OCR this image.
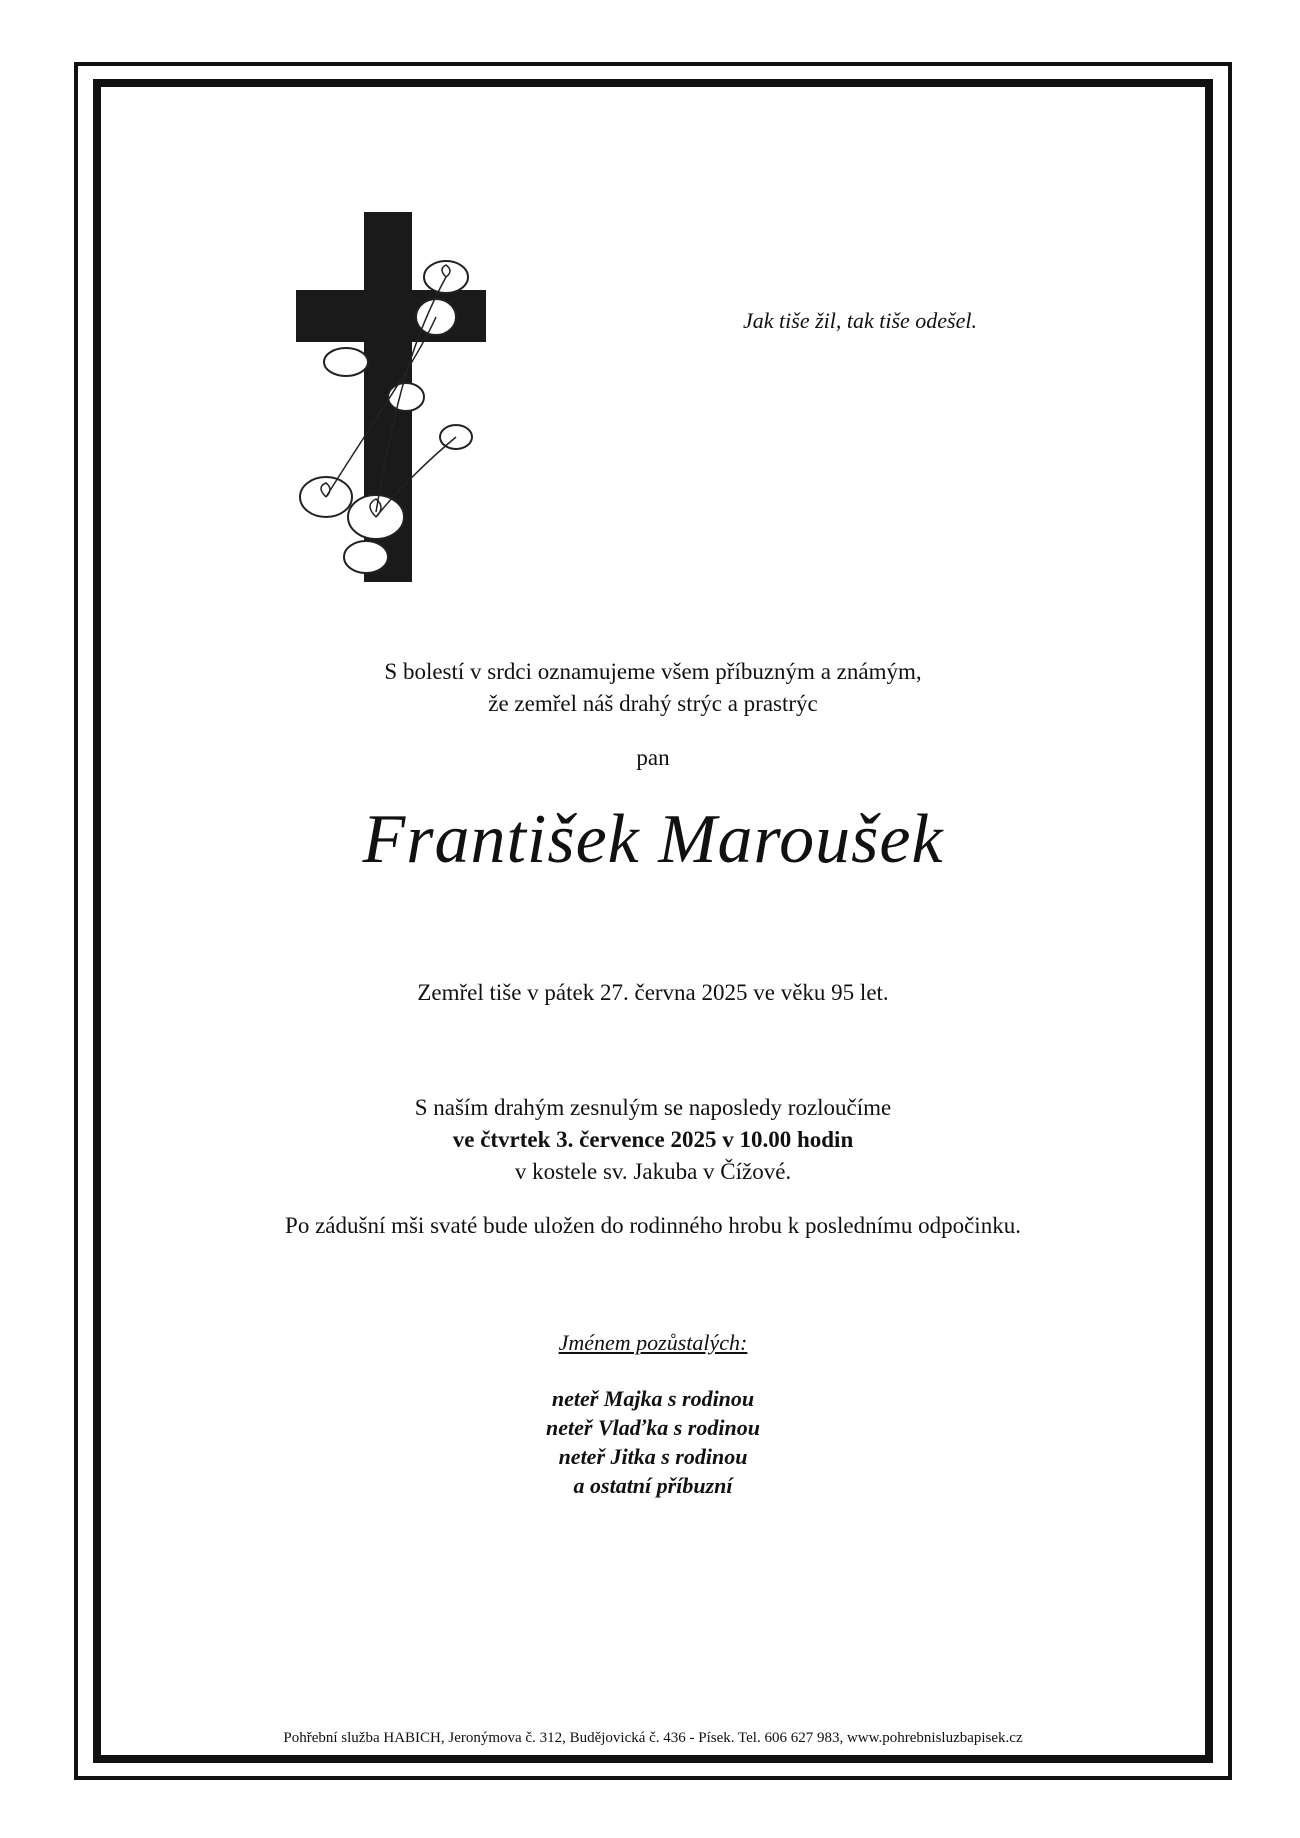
Jak tiše žil, tak tiše odešel.
S bolestí v srdci oznamujeme všem příbuzným a známým,
že zemřel náš drahý strýc a prastrýc
pan
František Maroušek
Zemřel tiše v pátek 27. června 2025 ve věku 95 let.
S naším drahým zesnulým se naposledy rozloučíme
ve čtvrtek 3. července 2025 v 10.00 hodin
v kostele sv. Jakuba v Čížové.
Po zádušní mši svaté bude uložen do rodinného hrobu k poslednímu odpočinku.
Jménem pozůstalých:
neteř Majka s rodinou
neteř Vlaďka s rodinou
neteř Jitka s rodinou
a ostatní příbuzní
Pohřební služba HABICH, Jeronýmova č. 312, Budějovická č. 436 - Písek. Tel. 606 627 983, www.pohrebnisluzbapisek.cz
